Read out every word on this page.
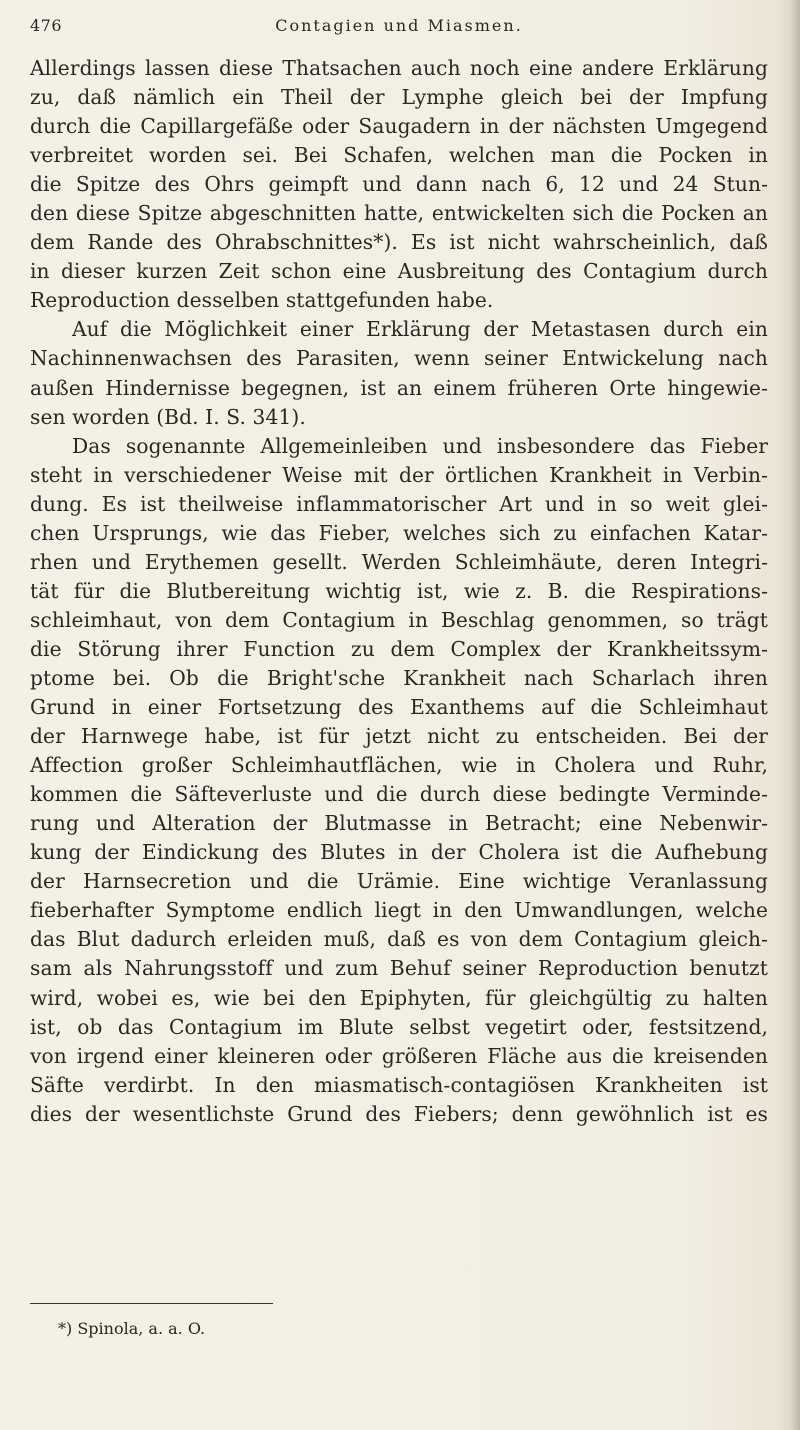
476	Contagien und Miasmen.
Allerdings lassen diese Thatsachen auch noch eine andere Erklärung
zu, daß nämlich ein Theil der Lymphe gleich bei der Impfung
durch die Capillargefäße oder Saugadern in der nächsten Umgegend
verbreitet worden sei. Bei Schafen, welchen man die Pocken in
die Spitze des Ohrs geimpft und dann nach 6, 12 und 24 Stun-
den diese Spitze abgeschnitten hatte, entwickelten sich die Pocken an
dem Rande des Ohrabschnittes*). Es ist nicht wahrscheinlich, daß
in dieser kurzen Zeit schon eine Ausbreitung des Contagium durch
Reproduction desselben stattgefunden habe.
Auf die Möglichkeit einer Erklärung der Metastasen durch ein
Nachinnenwachsen des Parasiten, wenn seiner Entwickelung nach
außen Hindernisse begegnen, ist an einem früheren Orte hingewie-
sen worden (Bd. I. S. 341).
Das sogenannte Allgemeinleiben und insbesondere das Fieber
steht in verschiedener Weise mit der örtlichen Krankheit in Verbin-
dung. Es ist theilweise inflammatorischer Art und in so weit glei-
chen Ursprungs, wie das Fieber, welches sich zu einfachen Katar-
rhen und Erythemen gesellt. Werden Schleimhäute, deren Integri-
tät für die Blutbereitung wichtig ist, wie z. B. die Respirations-
schleimhaut, von dem Contagium in Beschlag genommen, so trägt
die Störung ihrer Function zu dem Complex der Krankheitssym-
ptome bei. Ob die Bright'sche Krankheit nach Scharlach ihren
Grund in einer Fortsetzung des Exanthems auf die Schleimhaut
der Harnwege habe, ist für jetzt nicht zu entscheiden. Bei der
Affection großer Schleimhautflächen, wie in Cholera und Ruhr,
kommen die Säfteverluste und die durch diese bedingte Verminde-
rung und Alteration der Blutmasse in Betracht; eine Nebenwir-
kung der Eindickung des Blutes in der Cholera ist die Aufhebung
der Harnsecretion und die Urämie. Eine wichtige Veranlassung
fieberhafter Symptome endlich liegt in den Umwandlungen, welche
das Blut dadurch erleiden muß, daß es von dem Contagium gleich-
sam als Nahrungsstoff und zum Behuf seiner Reproduction benutzt
wird, wobei es, wie bei den Epiphyten, für gleichgültig zu halten
ist, ob das Contagium im Blute selbst vegetirt oder, festsitzend,
von irgend einer kleineren oder größeren Fläche aus die kreisenden
Säfte verdirbt. In den miasmatisch-contagiösen Krankheiten ist
dies der wesentlichste Grund des Fiebers; denn gewöhnlich ist es
*) Spinola, a. a. O.
